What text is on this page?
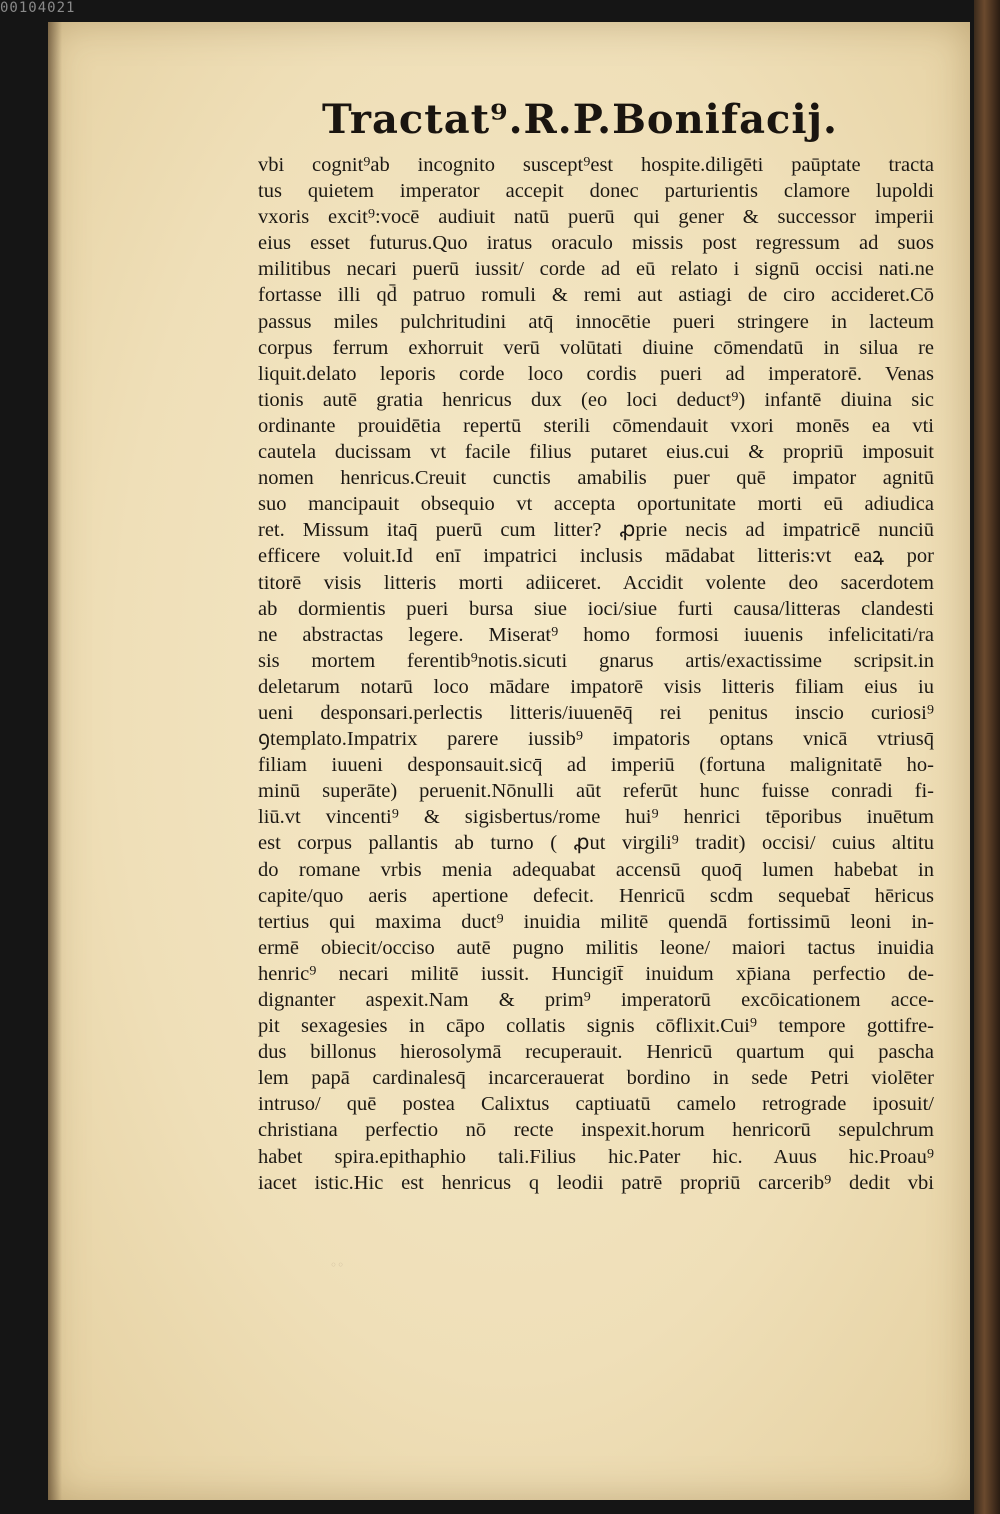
00104021
Tractat⁹.R.P.Bonifacij.
vbi cognit⁹ab incognito suscept⁹est hospite.diligēti paūptate tracta
tus quietem imperator accepit donec parturientis clamore lupoldi
vxoris excit⁹:vocē audiuit natū puerū qui gener & successor imperii
eius esset futurus.Quo iratus oraculo missis post regressum ad suos
militibus necari puerū iussit/ corde ad eū relato i signū occisi nati.ne
fortasse illi qd̄ patruo romuli & remi aut astiagi de ciro accideret.Cō
passus miles pulchritudini atq̄ innocētie pueri stringere in lacteum
corpus ferrum exhorruit verū volūtati diuine cōmendatū in silua re
liquit.delato leporis corde loco cordis pueri ad imperatorē. Venas
tionis autē gratia henricus dux (eo loci deduct⁹) infantē diuina sic
ordinante prouidētia repertū sterili cōmendauit vxori monēs ea vti
cautela ducissam vt facile filius putaret eius.cui & propriū imposuit
nomen henricus.Creuit cunctis amabilis puer quē impator agnitū
suo mancipauit obsequio vt accepta oportunitate morti eū adiudica
ret. Missum itaq̄ puerū cum litter? ꝓprie necis ad impatricē nunciū
efficere voluit.Id enī impatrici inclusis mādabat litteris:vt eaꝝ por
titorē visis litteris morti adiiceret. Accidit volente deo sacerdotem
ab dormientis pueri bursa siue ioci/siue furti causa/litteras clandesti
ne abstractas legere. Miserat⁹ homo formosi iuuenis infelicitati/ra
sis mortem ferentib⁹notis.sicuti gnarus artis/exactissime scripsit.in
deletarum notarū loco mādare impatorē visis litteris filiam eius iu
ueni desponsari.perlectis litteris/iuuenēq̄ rei penitus inscio curiosi⁹
ꝯtemplato.Impatrix parere iussib⁹ impatoris optans vnicā vtriusq̄
filiam iuueni desponsauit.sicq̄ ad imperiū (fortuna malignitatē ho-
minū superāte) peruenit.Nōnulli aūt referūt hunc fuisse conradi fi-
liū.vt vincenti⁹ & sigisbertus/rome hui⁹ henrici tēporibus inuētum
est corpus pallantis ab turno ( ꝓut virgili⁹ tradit) occisi/ cuius altitu
do romane vrbis menia adequabat accensū quoq̄ lumen habebat in
capite/quo aeris apertione defecit. Henricū scdm sequebat̄ hēricus
tertius qui maxima duct⁹ inuidia militē quendā fortissimū leoni in-
ermē obiecit/occiso autē pugno militis leone/ maiori tactus inuidia
henric⁹ necari militē iussit. Huncigit̄ inuidum xp̄iana perfectio de-
dignanter aspexit.Nam & prim⁹ imperatorū excōicationem acce-
pit sexagesies in cāpo collatis signis cōflixit.Cui⁹ tempore gottifre-
dus billonus hierosolymā recuperauit. Henricū quartum qui pascha
lem papā cardinalesq̄ incarcerauerat bordino in sede Petri violēter
intruso/ quē postea Calixtus captiuatū camelo retrograde iposuit/
christiana perfectio nō recte inspexit.horum henricorū sepulchrum
habet spira.epithaphio tali.Filius hic.Pater hic. Auus hic.Proau⁹
iacet istic.Hic est henricus q leodii patrē propriū carcerib⁹ dedit vbi
◦◦
